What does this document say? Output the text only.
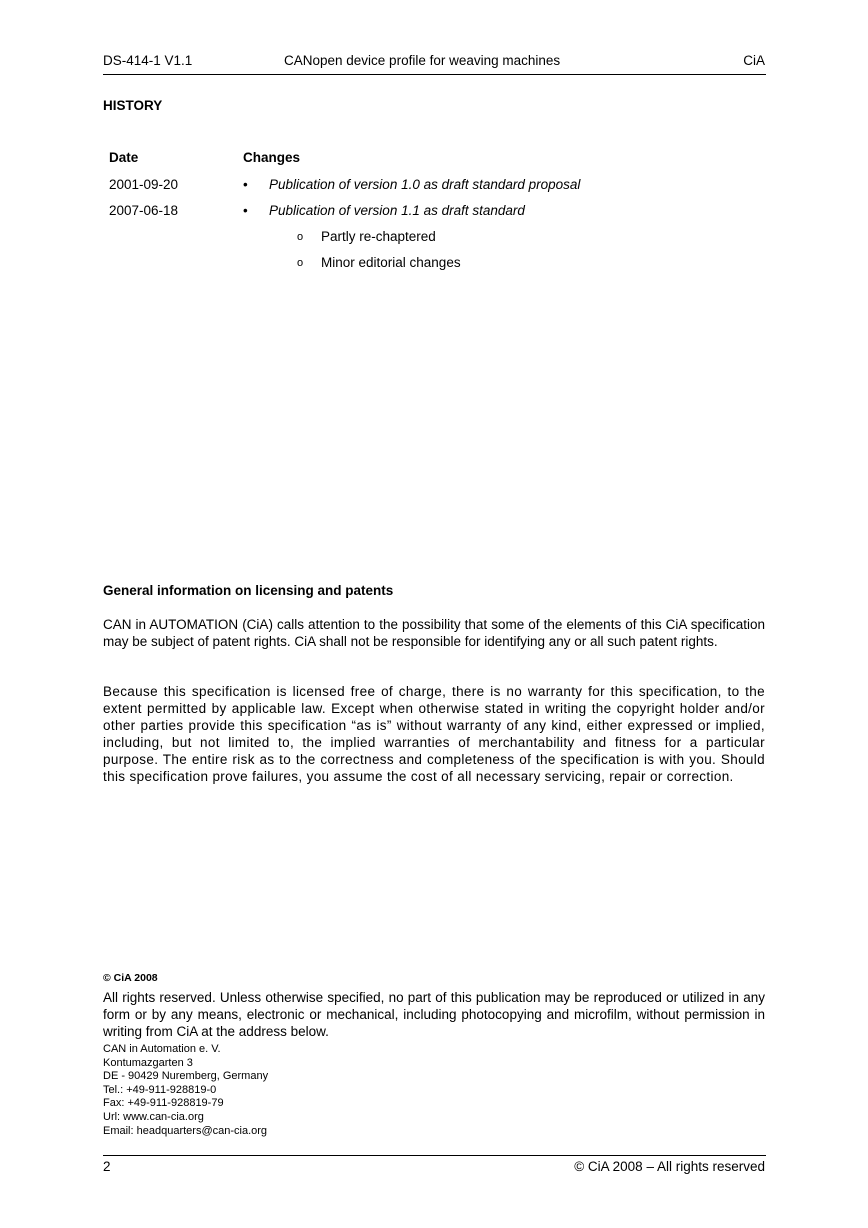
DS-414-1 V1.1	CANopen device profile for weaving machines	CiA
HISTORY
Date	Changes
2001-09-20	• Publication of version 1.0 as draft standard proposal
2007-06-18	• Publication of version 1.1 as draft standard
o Partly re-chaptered
o Minor editorial changes
General information on licensing and patents

CAN in AUTOMATION (CiA) calls attention to the possibility that some of the elements of this CiA specification may be subject of patent rights. CiA shall not be responsible for identifying any or all such patent rights.

Because this specification is licensed free of charge, there is no warranty for this specification, to the extent permitted by applicable law. Except when otherwise stated in writing the copyright holder and/or other parties provide this specification “as is” without warranty of any kind, either expressed or implied, including, but not limited to, the implied warranties of merchantability and fitness for a particular purpose. The entire risk as to the correctness and completeness of the specification is with you. Should this specification prove failures, you assume the cost of all necessary servicing, repair or correction.

© CiA 2008

All rights reserved. Unless otherwise specified, no part of this publication may be reproduced or utilized in any form or by any means, electronic or mechanical, including photocopying and microfilm, without permission in writing from CiA at the address below.

CAN in Automation e. V.
Kontumazgarten 3
DE - 90429 Nuremberg, Germany
Tel.: +49-911-928819-0
Fax: +49-911-928819-79
Url: www.can-cia.org
Email: headquarters@can-cia.org
2	© CiA 2008 – All rights reserved
